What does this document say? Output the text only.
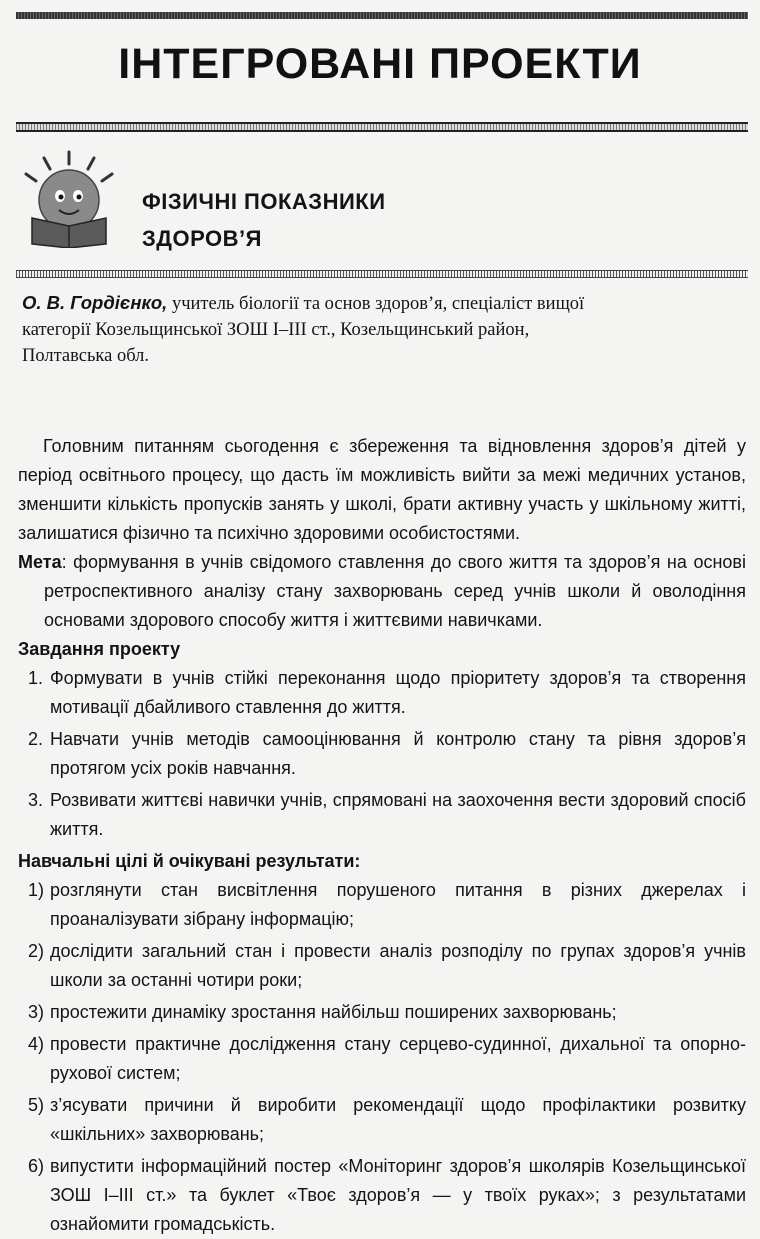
ІНТЕГРОВАНІ ПРОЕКТИ
ФІЗИЧНІ ПОКАЗНИКИ
ЗДОРОВ’Я
О. В. Гордієнко, учитель біології та основ здоров’я, спеціаліст вищої
категорії Козельщинської ЗОШ І–ІІІ ст., Козельщинський район,
Полтавська обл.

Головним питанням сьогодення є збереження та відновлення здоров’я дітей у період освітнього процесу, що дасть їм можливість вийти за межі медичних установ, зменшити кількість пропусків занять у школі, брати активну участь у шкільному житті, залишатися фізично та психічно здоровими особистостями.

Мета: формування в учнів свідомого ставлення до свого життя та здоров’я на основі ретроспективного аналізу стану захворювань серед учнів школи й оволодіння основами здорового способу життя і життєвими навичками.

Завдання проекту

1. Формувати в учнів стійкі переконання щодо пріоритету здоров’я та створення мотивації дбайливого ставлення до життя.
2. Навчати учнів методів самооцінювання й контролю стану та рівня здоров’я протягом усіх років навчання.
3. Розвивати життєві навички учнів, спрямовані на заохочення вести здоровий спосіб життя.

Навчальні цілі й очікувані результати:

1) розглянути стан висвітлення порушеного питання в різних джерелах і проаналізувати зібрану інформацію;
2) дослідити загальний стан і провести аналіз розподілу по групах здоров’я учнів школи за останні чотири роки;
3) простежити динаміку зростання найбільш поширених захворювань;
4) провести практичне дослідження стану серцево-судинної, дихальної та опорно-рухової систем;
5) з’ясувати причини й виробити рекомендації щодо профілактики розвитку «шкільних» захворювань;
6) випустити інформаційний постер «Моніторинг здоров’я школярів Козельщинської ЗОШ І–ІІІ ст.» та буклет «Твоє здоров’я — у твоїх руках»; з результатами ознайомити громадськість.
